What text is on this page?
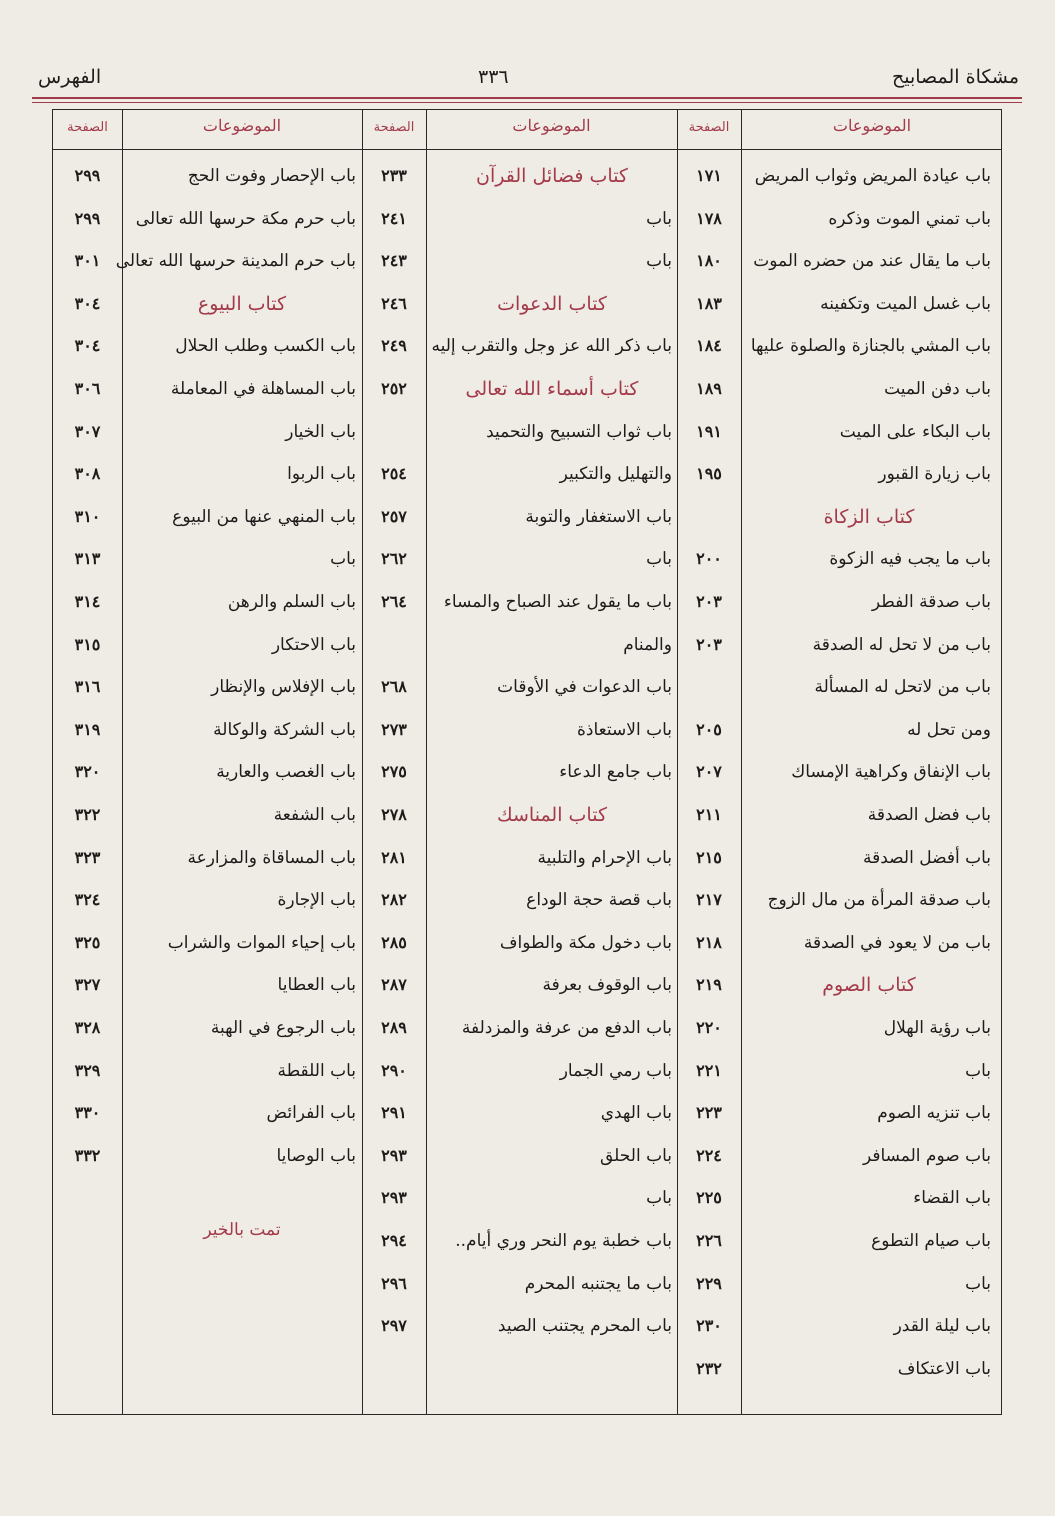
مشكاة المصابيح
٣٣٦
الفهرس
الموضوعات
الصفحة
الموضوعات
الصفحة
الموضوعات
الصفحة
باب عيادة المريض وثواب المريض
١٧١
باب تمني الموت وذكره
١٧٨
باب ما يقال عند من حضره الموت
١٨٠
باب غسل الميت وتكفينه
١٨٣
باب المشي بالجنازة والصلوة عليها
١٨٤
باب دفن الميت
١٨٩
باب البكاء على الميت
١٩١
باب زيارة القبور
١٩٥
كتاب الزكاة
باب ما يجب فيه الزكوة
٢٠٠
باب صدقة الفطر
٢٠٣
باب من لا تحل له الصدقة
٢٠٣
باب من لاتحل له المسألة
ومن تحل له
٢٠٥
باب الإنفاق وكراهية الإمساك
٢٠٧
باب فضل الصدقة
٢١١
باب أفضل الصدقة
٢١٥
باب صدقة المرأة من مال الزوج
٢١٧
باب من لا يعود في الصدقة
٢١٨
كتاب الصوم
٢١٩
باب رؤية الهلال
٢٢٠
باب
٢٢١
باب تنزيه الصوم
٢٢٣
باب صوم المسافر
٢٢٤
باب القضاء
٢٢٥
باب صيام التطوع
٢٢٦
باب
٢٢٩
باب ليلة القدر
٢٣٠
باب الاعتكاف
٢٣٢
كتاب فضائل القرآن
٢٣٣
باب
٢٤١
باب
٢٤٣
كتاب الدعوات
٢٤٦
باب ذكر الله عز وجل والتقرب إليه
٢٤٩
كتاب أسماء الله تعالى
٢٥٢
باب ثواب التسبيح والتحميد
والتهليل والتكبير
٢٥٤
باب الاستغفار والتوبة
٢٥٧
باب
٢٦٢
باب ما يقول عند الصباح والمساء
٢٦٤
والمنام
باب الدعوات في الأوقات
٢٦٨
باب الاستعاذة
٢٧٣
باب جامع الدعاء
٢٧٥
كتاب المناسك
٢٧٨
باب الإحرام والتلبية
٢٨١
باب قصة حجة الوداع
٢٨٢
باب دخول مكة والطواف
٢٨٥
باب الوقوف بعرفة
٢٨٧
باب الدفع من عرفة والمزدلفة
٢٨٩
باب رمي الجمار
٢٩٠
باب الهدي
٢٩١
باب الحلق
٢٩٣
باب
٢٩٣
باب خطبة يوم النحر وري أيام..
٢٩٤
باب ما يجتنبه المحرم
٢٩٦
باب المحرم يجتنب الصيد
٢٩٧
باب الإحصار وفوت الحج
٢٩٩
باب حرم مكة حرسها الله تعالى
٢٩٩
باب حرم المدينة حرسها الله تعالى
٣٠١
كتاب البيوع
٣٠٤
باب الكسب وطلب الحلال
٣٠٤
باب المساهلة في المعاملة
٣٠٦
باب الخيار
٣٠٧
باب الربوا
٣٠٨
باب المنهي عنها من البيوع
٣١٠
باب
٣١٣
باب السلم والرهن
٣١٤
باب الاحتكار
٣١٥
باب الإفلاس والإنظار
٣١٦
باب الشركة والوكالة
٣١٩
باب الغصب والعارية
٣٢٠
باب الشفعة
٣٢٢
باب المساقاة والمزارعة
٣٢٣
باب الإجارة
٣٢٤
باب إحياء الموات والشراب
٣٢٥
باب العطايا
٣٢٧
باب الرجوع في الهبة
٣٢٨
باب اللقطة
٣٢٩
باب الفرائض
٣٣٠
باب الوصايا
٣٣٢
تمت بالخير
